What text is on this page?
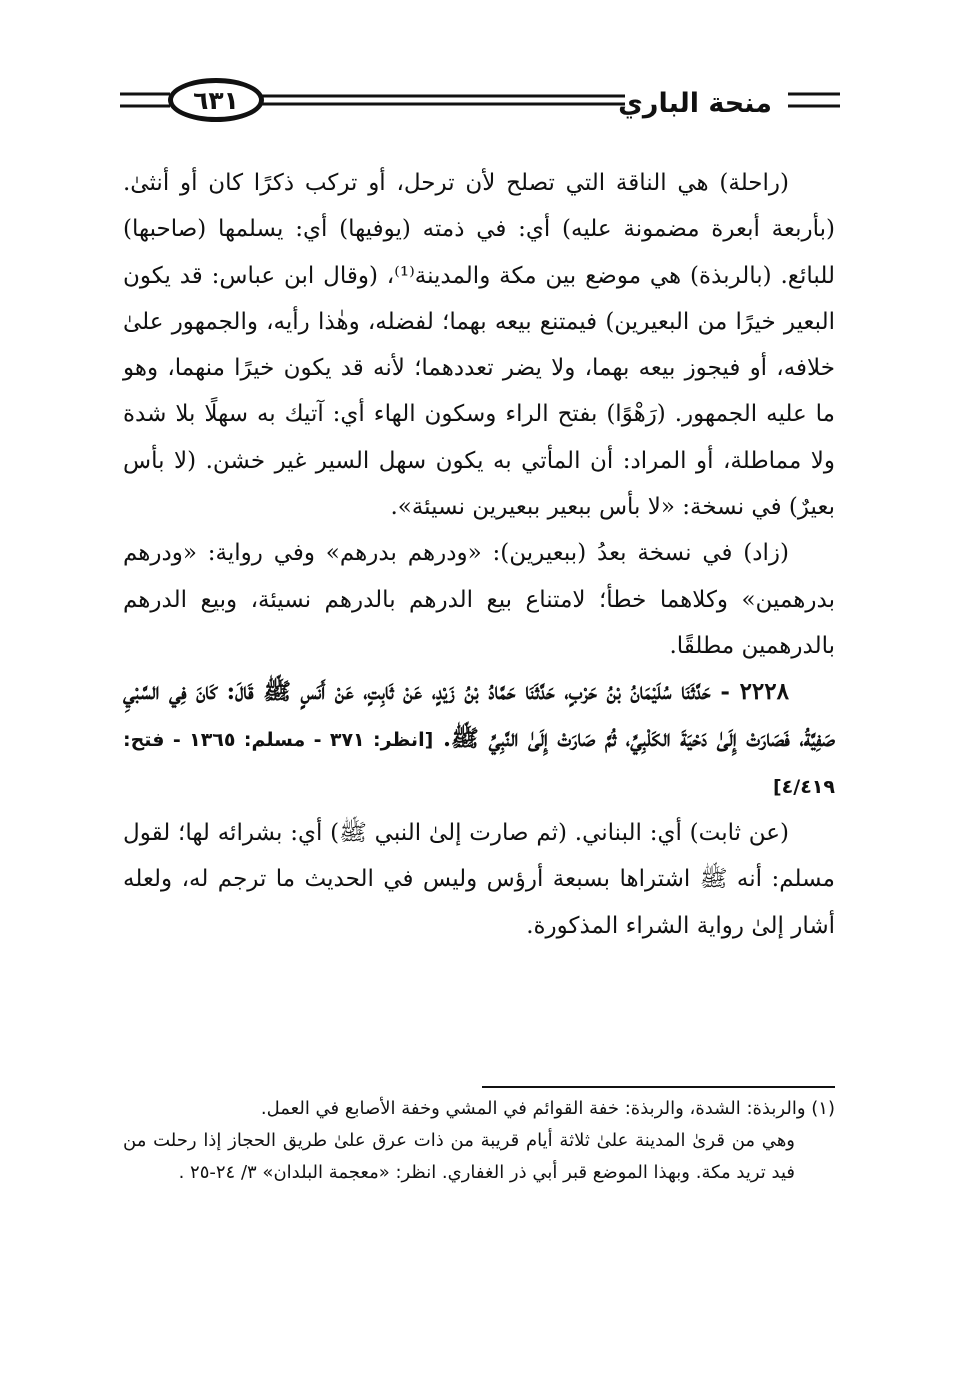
٦٣١	منحة الباري

(راحلة) هي الناقة التي تصلح لأن ترحل، أو تركب ذكرًا كان أو أنثىٰ. (بأربعة أبعرة مضمونة عليه) أي: في ذمته (يوفيها) أي: يسلمها (صاحبها) للبائع. (بالربذة) هي موضع بين مكة والمدينة⁽¹⁾، (وقال ابن عباس: قد يكون البعير خيرًا من البعيرين) فيمتنع بيعه بهما؛ لفضله، وهٰذا رأيه، والجمهور علىٰ خلافه، أو فيجوز بيعه بهما، ولا يضر تعددهما؛ لأنه قد يكون خيرًا منهما، وهو ما عليه الجمهور. (رَهْوًا) بفتح الراء وسكون الهاء أي: آتيك به سهلًا بلا شدة ولا مماطلة، أو المراد: أن المأتي به يكون سهل السير غير خشن. (لا بأس بعيرٌ) في نسخة: «لا بأس ببعير ببعيرين نسيئة».

(زاد) في نسخة بعدُ (ببعيرين): «ودرهم بدرهم» وفي رواية: «ودرهم بدرهمين» وكلاهما خطأ؛ لامتناع بيع الدرهم بالدرهم نسيئة، وبيع الدرهم بالدرهمين مطلقًا.

٢٢٢٨ - حَدَّثَنَا سُلَيْمَانُ بْنُ حَرْبٍ، حَدَّثَنَا حَمَّادُ بْنُ زَيْدٍ، عَنْ ثَابِتٍ، عَنْ أَنَسٍ ﷺ قَالَ: كَانَ فِي السَّبْيِ صَفِيَّةُ، فَصَارَتْ إِلَىٰ دَحْيَةَ الكَلْبِيِّ، ثُمَّ صَارَتْ إِلَىٰ النَّبِيِّ ﷺ. [انظر: ٣٧١ - مسلم: ١٣٦٥ - فتح: ٤/٤١٩]

(عن ثابت) أي: البناني. (ثم صارت إلىٰ النبي ﷺ) أي: بشرائه لها؛ لقول مسلم: أنه ﷺ اشتراها بسبعة أرؤس وليس في الحديث ما ترجم له، ولعله أشار إلىٰ رواية الشراء المذكورة.

(١) والربذة: الشدة، والربذة: خفة القوائم في المشي وخفة الأصابع في العمل.

وهي من قرىٰ المدينة علىٰ ثلاثة أيام قريبة من ذات عرق علىٰ طريق الحجاز إذا رحلت من فيد تريد مكة. وبهذا الموضع قبر أبي ذر الغفاري. انظر: «معجمة البلدان» ٣/ ٢٤-٢٥ .
